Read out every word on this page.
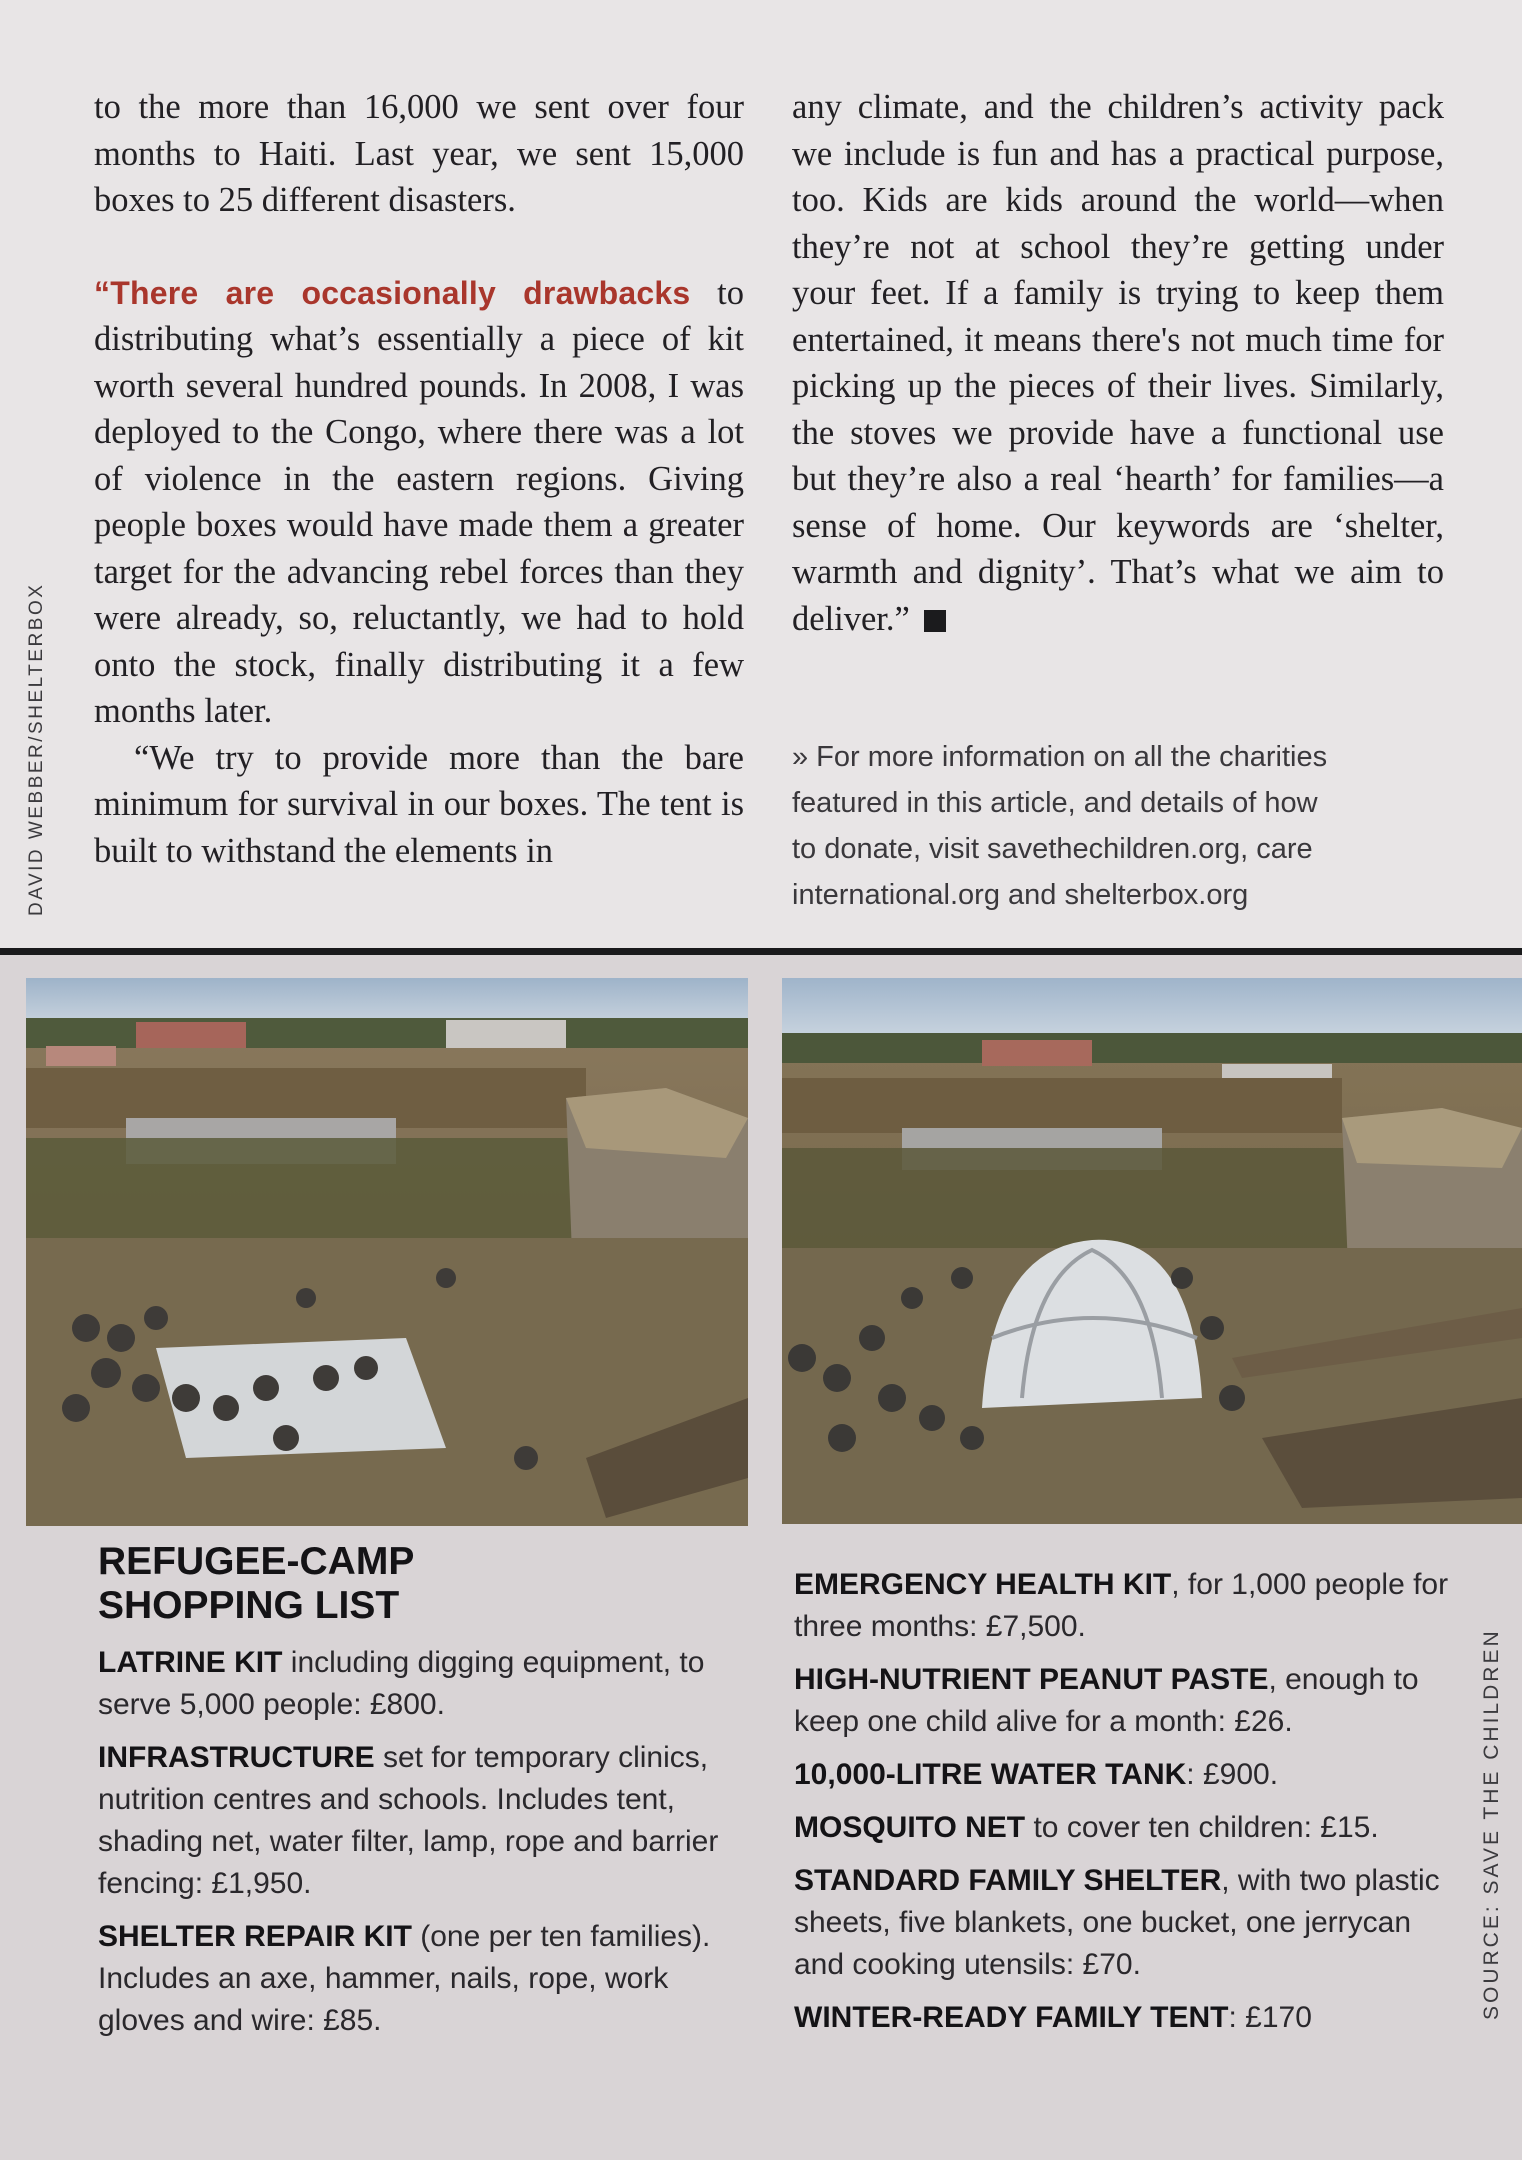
to the more than 16,000 we sent over four months to Haiti. Last year, we sent 15,000 boxes to 25 different disasters.

“There are occasionally drawbacks to distributing what’s essentially a piece of kit worth several hundred pounds. In 2008, I was deployed to the Congo, where there was a lot of violence in the eastern regions. Giving people boxes would have made them a greater target for the advancing rebel forces than they were already, so, reluctantly, we had to hold onto the stock, finally distributing it a few months later.

“We try to provide more than the bare minimum for survival in our boxes. The tent is built to withstand the elements in

any climate, and the children’s activity pack we include is fun and has a practical purpose, too. Kids are kids around the world—when they’re not at school they’re getting under your feet. If a family is trying to keep them entertained, it means there's not much time for picking up the pieces of their lives. Similarly, the stoves we provide have a functional use but they’re also a real ‘hearth’ for families—a sense of home. Our keywords are ‘shelter, warmth and dignity’. That’s what we aim to deliver.”

» For more information on all the charities
featured in this article, and details of how
to donate, visit savethechildren.org, care
international.org and shelterbox.org
DAVID WEBBER/SHELTERBOX
REFUGEE-CAMP
SHOPPING LIST

LATRINE KIT including digging equipment, to serve 5,000 people: £800.

INFRASTRUCTURE set for temporary clinics, nutrition centres and schools. Includes tent, shading net, water filter, lamp, rope and barrier fencing: £1,950.

SHELTER REPAIR KIT (one per ten families). Includes an axe, hammer, nails, rope, work gloves and wire: £85.

EMERGENCY HEALTH KIT, for 1,000 people for three months: £7,500.

HIGH-NUTRIENT PEANUT PASTE, enough to keep one child alive for a month: £26.

10,000-LITRE WATER TANK: £900.

MOSQUITO NET to cover ten children: £15.

STANDARD FAMILY SHELTER, with two plastic sheets, five blankets, one bucket, one jerrycan and cooking utensils: £70.

WINTER-READY FAMILY TENT: £170	SOURCE: SAVE THE CHILDREN
